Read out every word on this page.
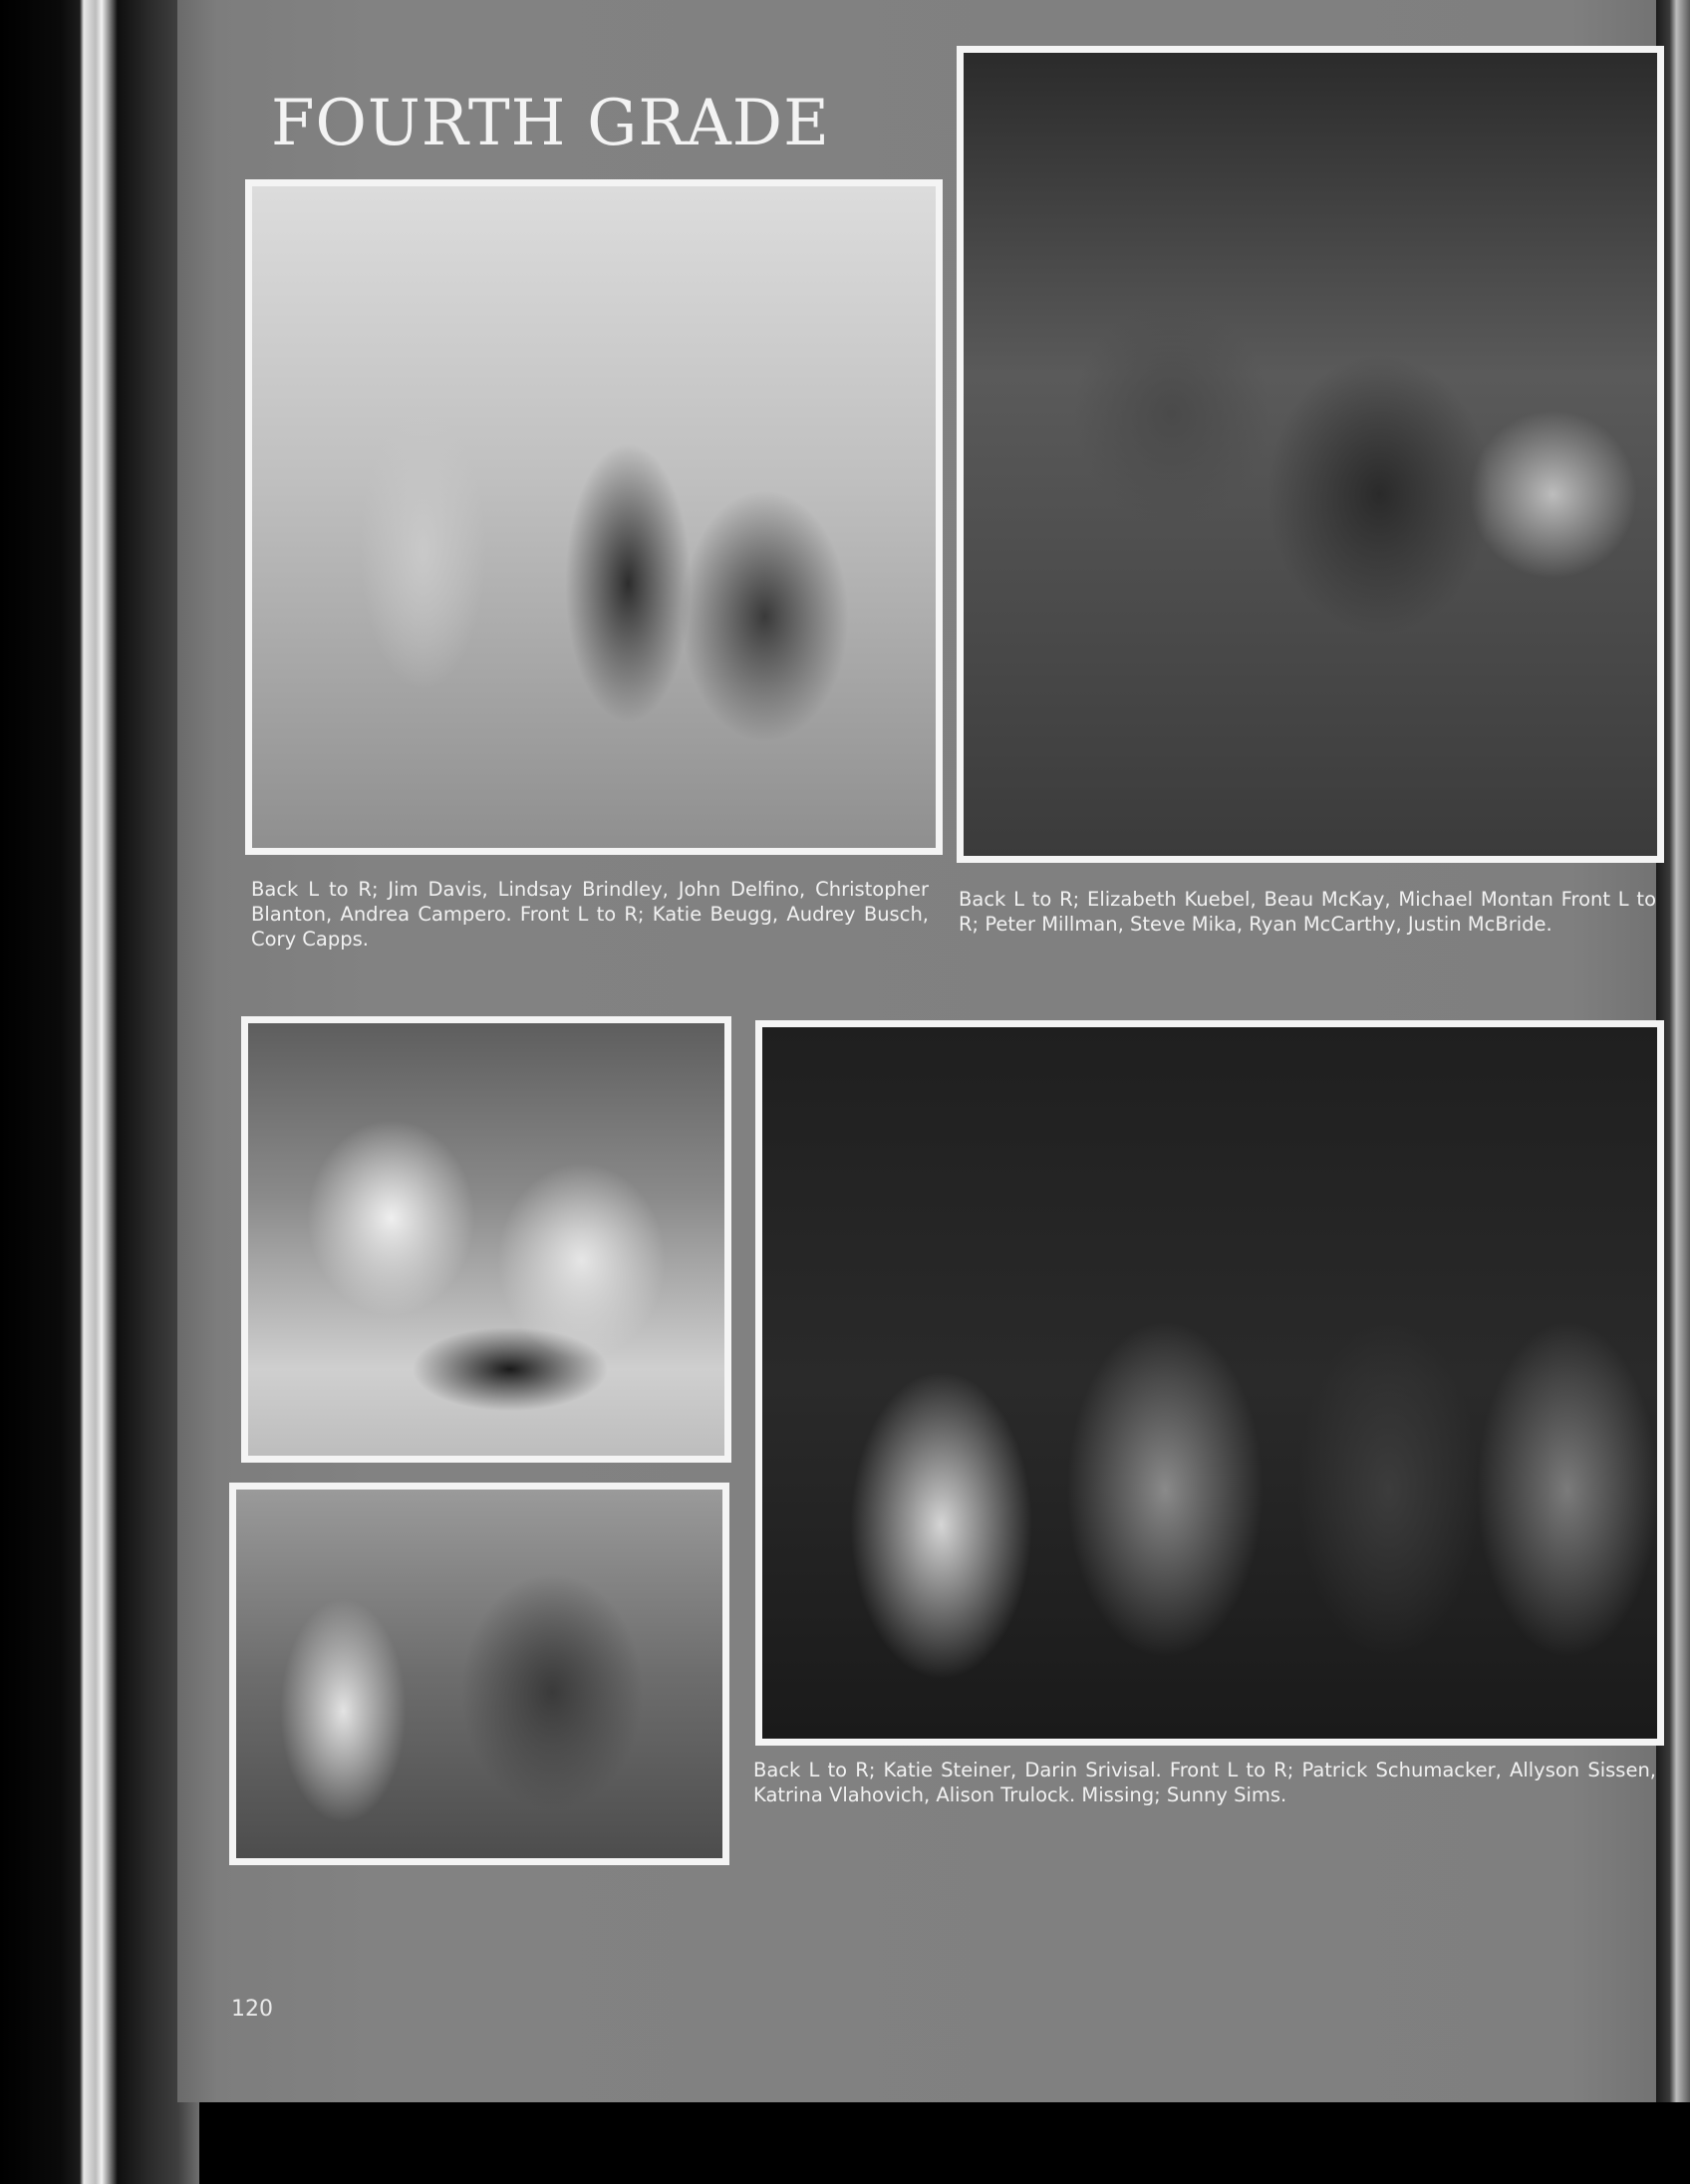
FOURTH GRADE

Back L to R; Jim Davis, Lindsay Brindley, John Delfino, Christopher Blanton, Andrea Campero. Front L to R; Katie Beugg, Audrey Busch, Cory Capps.

Back L to R; Elizabeth Kuebel, Beau McKay, Michael Montan Front L to R; Peter Millman, Steve Mika, Ryan McCarthy, Justin McBride.

Back L to R; Katie Steiner, Darin Srivisal. Front L to R; Patrick Schumacker, Allyson Sissen, Katrina Vlahovich, Alison Trulock. Missing; Sunny Sims.

120
